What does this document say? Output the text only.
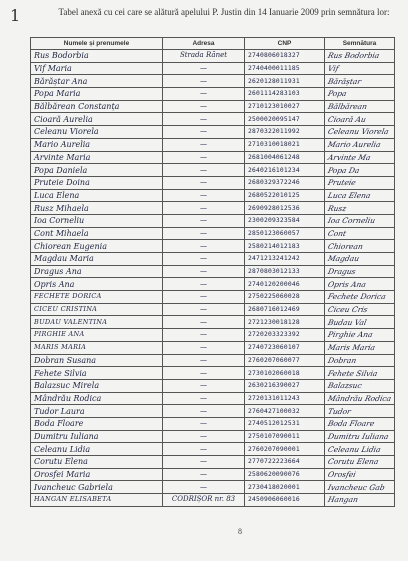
1	Tabel anexă cu cei care se alătură apelului P. Justin din 14 Ianuarie 2009 prin semnătura lor:
Numele și prenumele	Adresa	CNP	Semnătura

Rus Bodorbia	Strada Rãnet	2740806018327	Rus Bodorbia

Vif Maria	—	2740400011185	Vif

Bărăștar Ana	—	2620128011931	Bărăștar

Popa Maria	—	2601114283103	Popa

Bălbărean Constanța	—	2710123010027	Bălbărean

Cioară Aurelia	—	2500020095147	Cioară Au

Celeanu Viorela	—	2870322011992	Celeanu Viorela

Mario Aurelia	—	2710310018021	Mario Aurelia

Arvinte Maria	—	2681004061248	Arvinte Ma

Popa Daniela	—	2640216101234	Popa Da

Pruteie Doina	—	2680329372246	Pruteie

Luca Elena	—	2680522010125	Luca Elena

Rusz Mihaela	—	2690928012536	Rusz

Ioa Corneliu	—	2300209323584	Ioa Corneliu

Cont Mihaela	—	2850123060057	Cont

Chiorean Eugenia	—	2580214012183	Chiorean

Magdau Maria	—	2471213241242	Magdau

Dragus Ana	—	2870803012133	Dragus

Opris Ana	—	2740120200046	Opris Ana

FECHETE DORICA	—	2750225060028	Fechete Dorica

CICEU CRISTINA	—	2680716012469	Ciceu Cris

BUDAU VALENTINA	—	2721230018128	Budau Val

PIRGHIE ANA	—	2720203323392	Pirghie Ana

MARIS MARIA	—	2740723060107	Maris Maria

Dobran Susana	—	2760207060077	Dobran

Fehete Silvia	—	2730102060018	Fehete Silvia

Balazsuc Mirela	—	2630216390027	Balazsuc

Mândrău Rodica	—	2720131011243	Mândrău Rodica

Tudor Laura	—	2760427100032	Tudor

Boda Floare	—	2740512012531	Boda Floare

Dumitru Iuliana	—	2750107090011	Dumitru Iuliana

Celeanu Lidia	—	2760207090001	Celeanu Lidia

Corutu Elena	—	2770722223664	Corutu Elena

Orosfei Maria	—	2580620090076	Orosfei

Ivancheuc Gabriela	—	2730418020001	Ivancheuc Gab

HANGAN ELISABETA	CODRIȘOR nr. 83	2450906060016	Hangan
8
